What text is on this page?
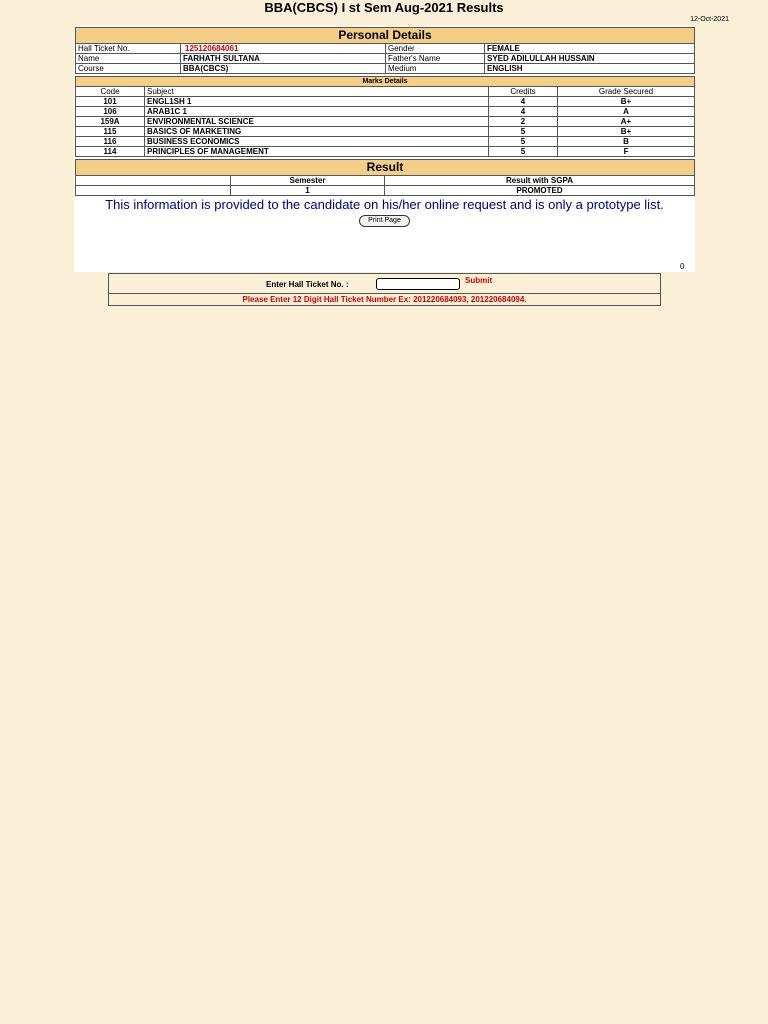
BBA(CBCS) I st Sem Aug-2021 Results
12-Oct-2021
Personal Details			
Hall Ticket No.	125120684061	Gender	FEMALE
Name	FARHATH SULTANA	Father's Name	SYED ADILULLAH HUSSAIN
Course	BBA(CBCS)	Medium	ENGLISH
Marks Details			
Code	Subject	Credits	Grade Secured
101	ENGL1SH 1	4	B+
106	ARAB1C 1	4	A
159A	ENVIRONMENTAL SCIENCE	2	A+
115	BASICS OF MARKETING	5	B+
116	BUSINESS ECONOMICS	5	B
114	PRINCIPLES OF MANAGEMENT	5	F
Result		
	Semester	Result with SGPA
	1	PROMOTED
This information is provided to the candidate on his/her online request and is only a prototype list.
Print Page
0
Enter Hall Ticket No. :	Submit
Please Enter 12 Digit Hall Ticket Number Ex: 201220684093, 201220684094.
